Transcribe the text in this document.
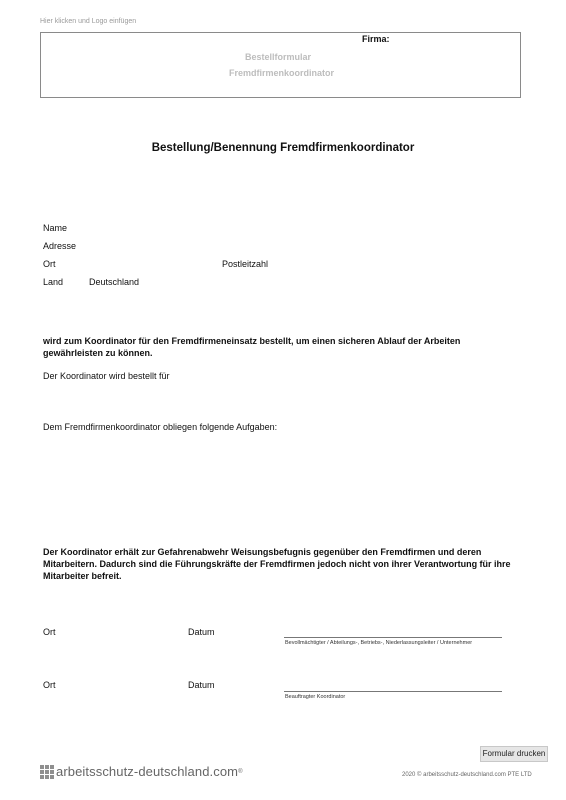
Hier klicken und Logo einfügen
Firma:
Bestellformular
Fremdfirmenkoordinator
Bestellung/Benennung Fremdfirmenkoordinator
Name
Adresse
Ort	Postleitzahl
Land	Deutschland
wird zum Koordinator für den Fremdfirmeneinsatz bestellt, um einen sicheren Ablauf der Arbeiten gewährleisten zu können.
Der Koordinator wird bestellt für
Dem Fremdfirmenkoordinator obliegen folgende Aufgaben:
Der Koordinator erhält zur Gefahrenabwehr Weisungsbefugnis gegenüber den Fremdfirmen und deren Mitarbeitern. Dadurch sind die Führungskräfte der Fremdfirmen jedoch nicht von ihrer Verantwortung für ihre Mitarbeiter befreit.
Ort	Datum
Bevollmächtigter / Abteilungs-, Betriebs-, Niederlassungsleiter / Unternehmer
Ort	Datum
Beauftragter Koordinator
Formular drucken
arbeitsschutz-deutschland.com ®
2020 © arbeitsschutz-deutschland.com PTE LTD
